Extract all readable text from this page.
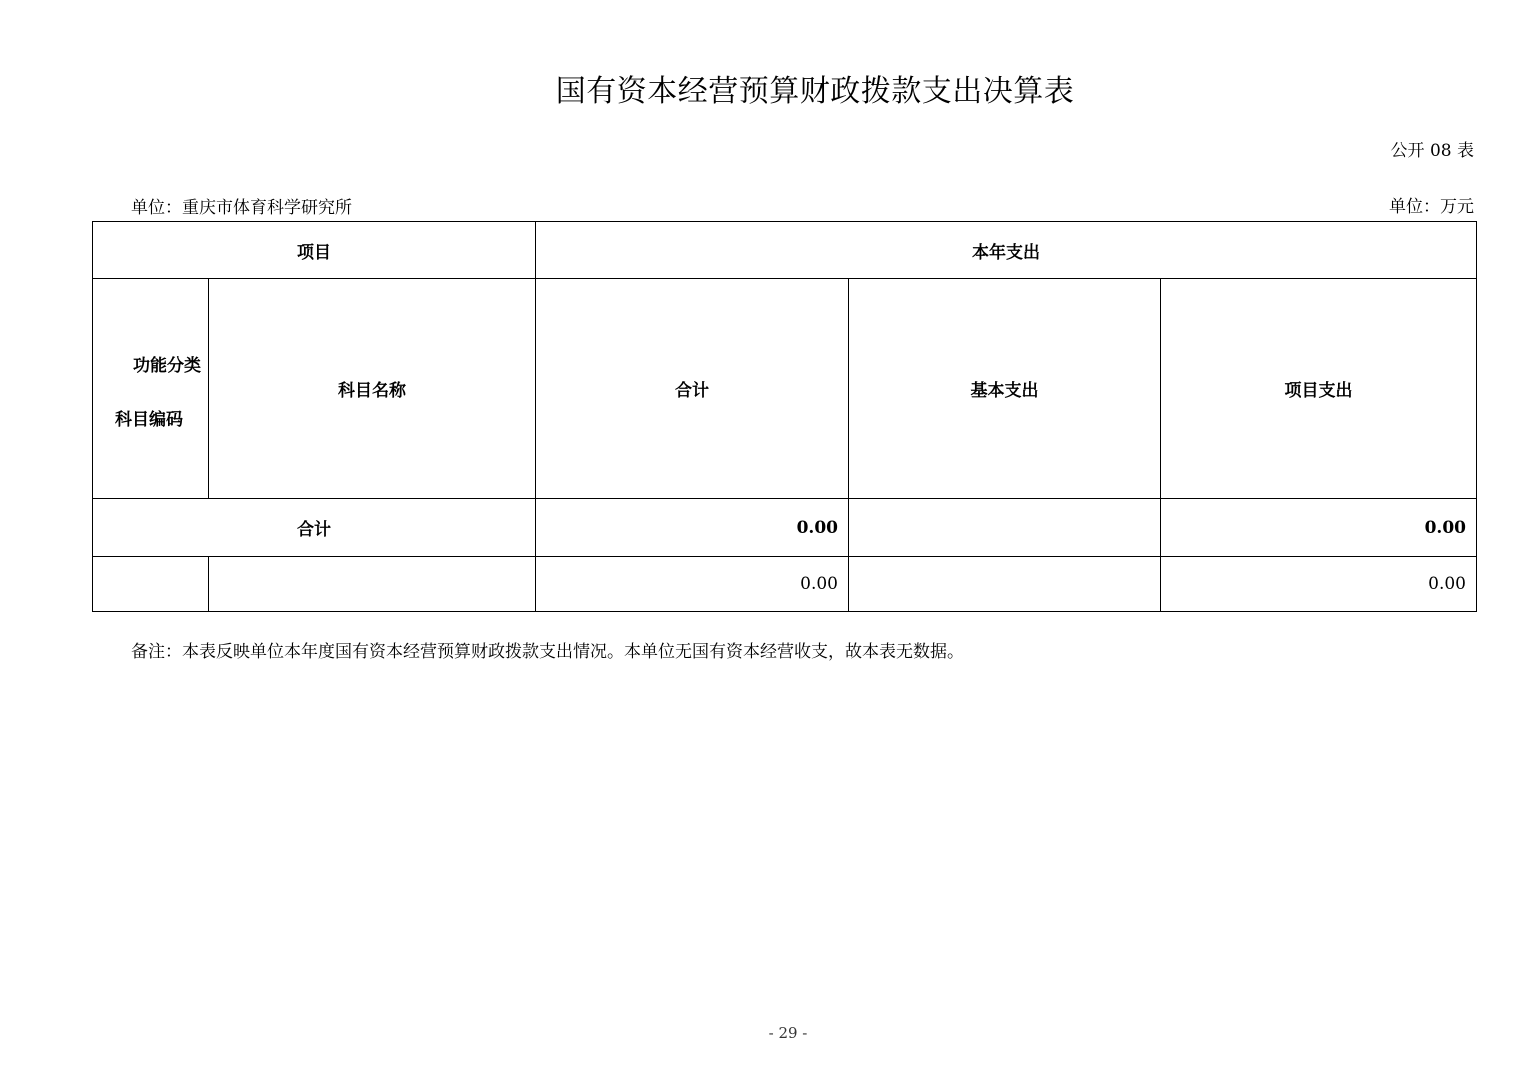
国有资本经营预算财政拨款支出决算表
公开 08 表
单位：重庆市体育科学研究所	单位：万元
项目		本年支出		

功能分类
科目编码	科目名称	合计	基本支出	项目支出
合计		0.00		0.00
		0.00		0.00
备注：本表反映单位本年度国有资本经营预算财政拨款支出情况。本单位无国有资本经营收支，故本表无数据。
- 29 -
